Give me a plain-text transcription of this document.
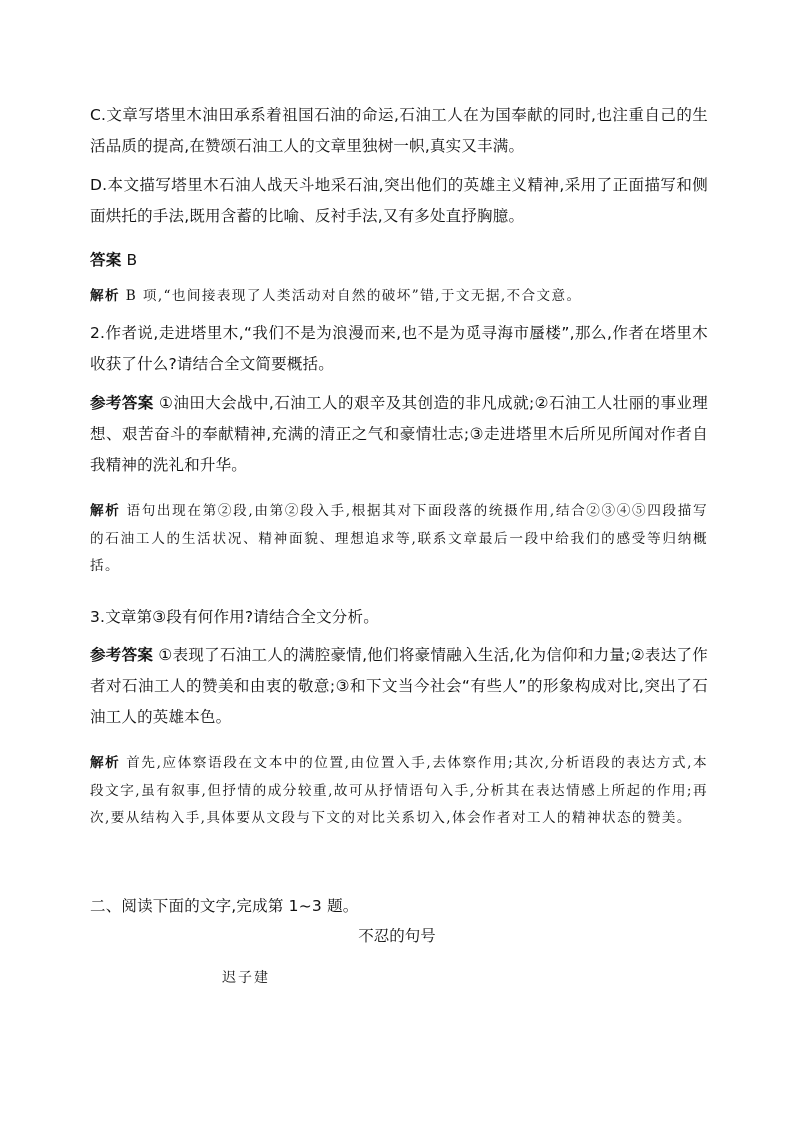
C.文章写塔里木油田承系着祖国石油的命运,石油工人在为国奉献的同时,也注重自己的生活品质的提高,在赞颂石油工人的文章里独树一帜,真实又丰满。

D.本文描写塔里木石油人战天斗地采石油,突出他们的英雄主义精神,采用了正面描写和侧面烘托的手法,既用含蓄的比喻、反衬手法,又有多处直抒胸臆。

答案 B

解析 B 项,“也间接表现了人类活动对自然的破坏”错,于文无据,不合文意。

2.作者说,走进塔里木,“我们不是为浪漫而来,也不是为觅寻海市蜃楼”,那么,作者在塔里木收获了什么?请结合全文简要概括。

参考答案 ①油田大会战中,石油工人的艰辛及其创造的非凡成就;②石油工人壮丽的事业理想、艰苦奋斗的奉献精神,充满的清正之气和豪情壮志;③走进塔里木后所见所闻对作者自我精神的洗礼和升华。

解析 语句出现在第②段,由第②段入手,根据其对下面段落的统摄作用,结合②③④⑤四段描写的石油工人的生活状况、精神面貌、理想追求等,联系文章最后一段中给我们的感受等归纳概括。

3.文章第③段有何作用?请结合全文分析。

参考答案 ①表现了石油工人的满腔豪情,他们将豪情融入生活,化为信仰和力量;②表达了作者对石油工人的赞美和由衷的敬意;③和下文当今社会“有些人”的形象构成对比,突出了石油工人的英雄本色。

解析 首先,应体察语段在文本中的位置,由位置入手,去体察作用;其次,分析语段的表达方式,本段文字,虽有叙事,但抒情的成分较重,故可从抒情语句入手,分析其在表达情感上所起的作用;再次,要从结构入手,具体要从文段与下文的对比关系切入,体会作者对工人的精神状态的赞美。

二、阅读下面的文字,完成第 1~3 题。

不忍的句号
迟子建
